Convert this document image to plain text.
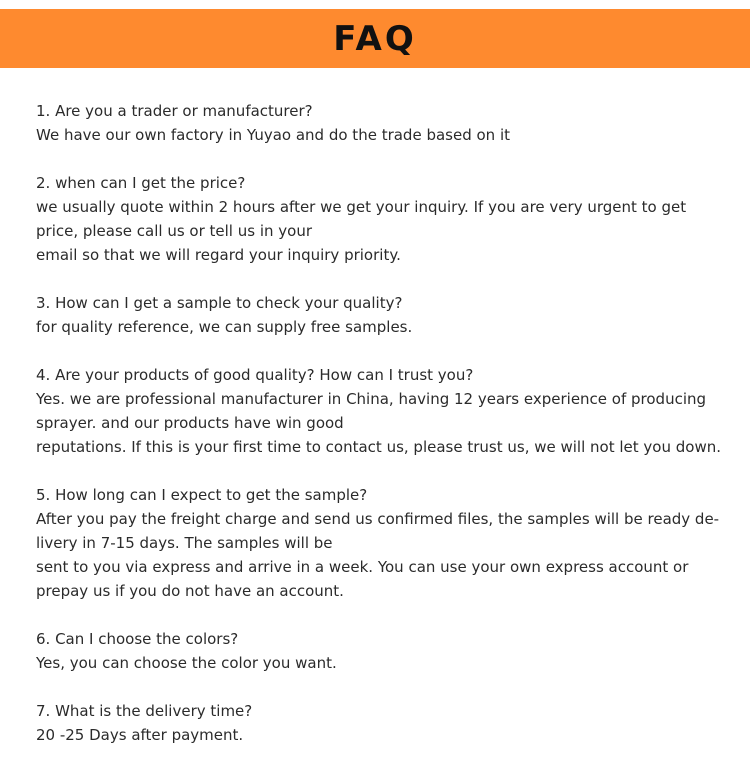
FAQ
1. Are you a trader or manufacturer?
We have our own factory in Yuyao and do the trade based on it
2. when can I get the price?
we usually quote within 2 hours after we get your inquiry. If you are very urgent to get
price, please call us or tell us in your
email so that we will regard your inquiry priority.
3. How can I get a sample to check your quality?
for quality reference, we can supply free samples.
4. Are your products of good quality? How can I trust you?
Yes. we are professional manufacturer in China, having 12 years experience of producing
sprayer. and our products have win good
reputations. If this is your first time to contact us, please trust us, we will not let you down.
5. How long can I expect to get the sample?
After you pay the freight charge and send us confirmed files, the samples will be ready de-
livery in 7-15 days. The samples will be
sent to you via express and arrive in a week. You can use your own express account or
prepay us if you do not have an account.
6. Can I choose the colors?
Yes, you can choose the color you want.
7. What is the delivery time?
20 -25 Days after payment.
